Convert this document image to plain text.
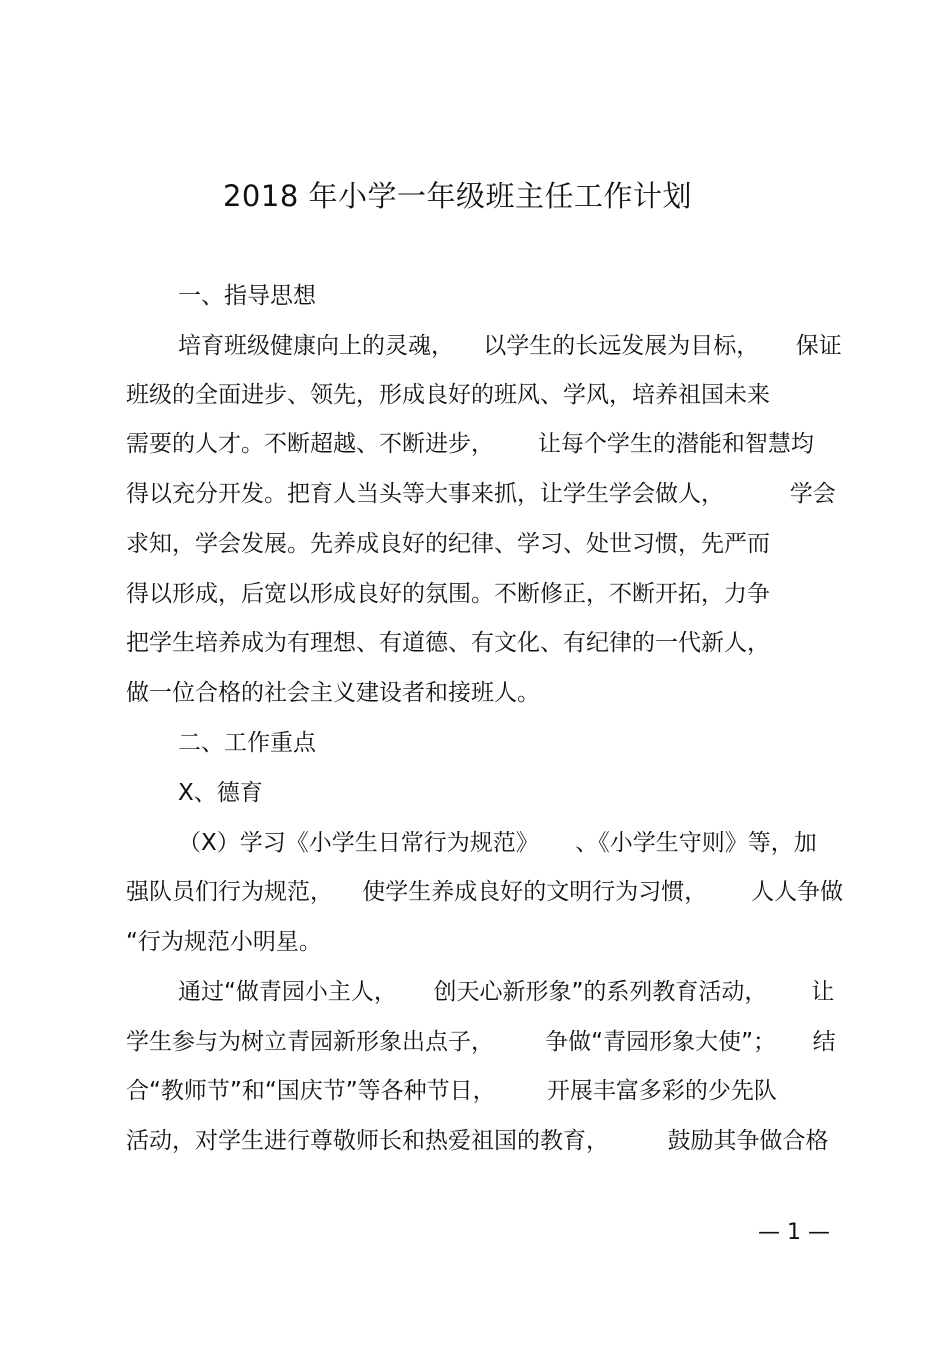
2018 年小学一年级班主任工作计划
一、指导思想
培育班级健康向上的灵魂，    以学生的长远发展为目标，     保证
班级的全面进步、领先，形成良好的班风、学风，培养祖国未来
需要的人才。不断超越、不断进步，      让每个学生的潜能和智慧均
得以充分开发。把育人当头等大事来抓，让学生学会做人，         学会
求知，学会发展。先养成良好的纪律、学习、处世习惯，先严而
得以形成，后宽以形成良好的氛围。不断修正，不断开拓，力争
把学生培养成为有理想、有道德、有文化、有纪律的一代新人，
做一位合格的社会主义建设者和接班人。
二、工作重点
X、德育
（X）学习《小学生日常行为规范》     、《小学生守则》等，加
强队员们行为规范，    使学生养成良好的文明行为习惯，      人人争做
“行为规范小明星。
通过“做青园小主人，     创天心新形象”的系列教育活动，      让
学生参与为树立青园新形象出点子，       争做“青园形象大使”；     结
合“教师节”和“国庆节”等各种节日，       开展丰富多彩的少先队
活动，对学生进行尊敬师长和热爱祖国的教育，        鼓励其争做合格
— 1 —
